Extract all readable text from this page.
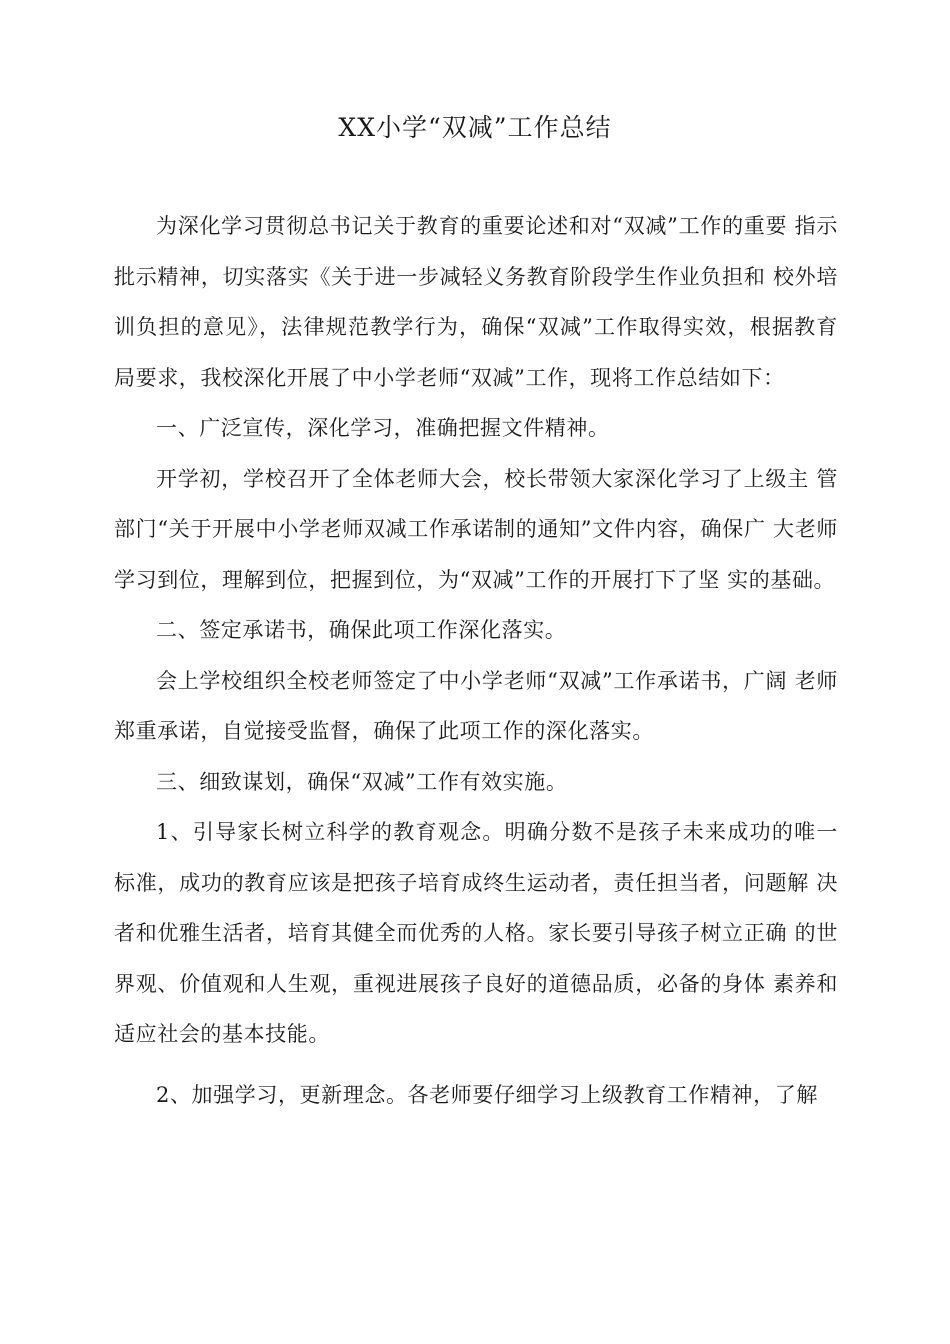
XX小学“双减”工作总结

为深化学习贯彻总书记关于教育的重要论述和对“双减”工作的重要 指示批示精神，切实落实《关于进一步减轻义务教育阶段学生作业负担和 校外培训负担的意见》，法律规范教学行为，确保“双减”工作取得实效，根据教育局要求，我校深化开展了中小学老师“双减”工作，现将工作总结如下：

一、广泛宣传，深化学习，准确把握文件精神。

开学初，学校召开了全体老师大会，校长带领大家深化学习了上级主 管部门“关于开展中小学老师双减工作承诺制的通知”文件内容，确保广 大老师学习到位，理解到位，把握到位，为“双减”工作的开展打下了坚 实的基础。

二、签定承诺书，确保此项工作深化落实。

会上学校组织全校老师签定了中小学老师“双减”工作承诺书，广阔 老师郑重承诺，自觉接受监督，确保了此项工作的深化落实。

三、细致谋划，确保“双减”工作有效实施。

1、引导家长树立科学的教育观念。明确分数不是孩子未来成功的唯一标准，成功的教育应该是把孩子培育成终生运动者，责任担当者，问题解 决者和优雅生活者，培育其健全而优秀的人格。家长要引导孩子树立正确 的世界观、价值观和人生观，重视进展孩子良好的道德品质，必备的身体 素养和适应社会的基本技能。

2、加强学习，更新理念。各老师要仔细学习上级教育工作精神，了解
